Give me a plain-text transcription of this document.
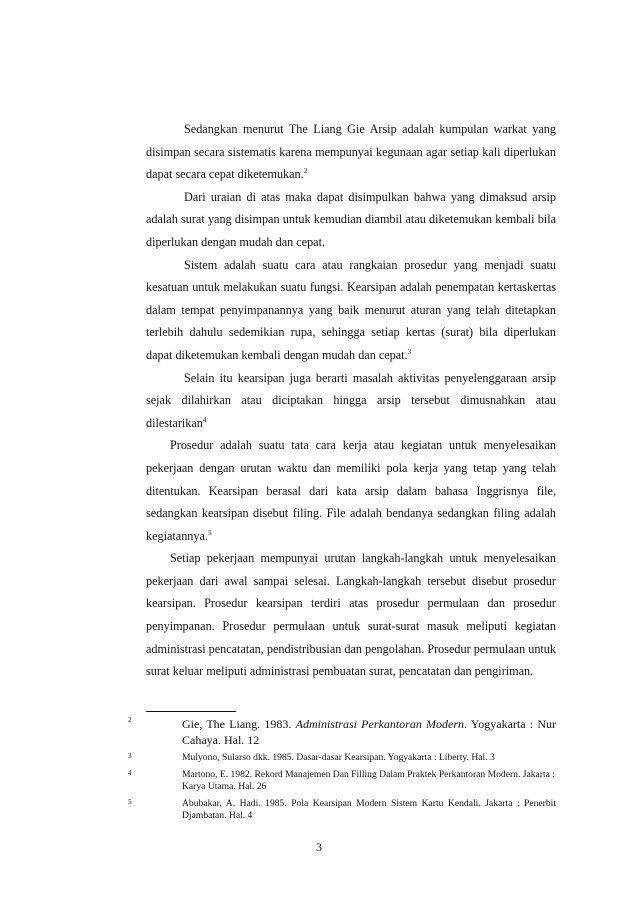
Sedangkan menurut The Liang Gie Arsip adalah kumpulan warkat yang disimpan secara sistematis karena mempunyai kegunaan agar setiap kali diperlukan dapat secara cepat diketemukan.$^2$

Dari uraian di atas maka dapat disimpulkan bahwa yang dimaksud arsip adalah surat yang disimpan untuk kemudian diambil atau diketemukan kembali bila diperlukan dengan mudah dan cepat.

Sistem adalah suatu cara atau rangkaian prosedur yang menjadi suatu kesatuan untuk melakukan suatu fungsi. Kearsipan adalah penempatan kertaskertas dalam tempat penyimpanannya yang baik menurut aturan yang telah ditetapkan terlebih dahulu sedemikian rupa, sehingga setiap kertas (surat) bila diperlukan dapat diketemukan kembali dengan mudah dan cepat.$^3$

Selain itu kearsipan juga berarti masalah aktivitas penyelenggaraan arsip sejak dilahirkan atau diciptakan hingga arsip tersebut dimusnahkan atau dilestarikan$^4$

Prosedur adalah suatu tata cara kerja atau kegiatan untuk menyelesaikan pekerjaan dengan urutan waktu dan memiliki pola kerja yang tetap yang telah ditentukan. Kearsipan berasal dari kata arsip dalam bahasa Inggrisnya file, sedangkan kearsipan disebut filing. File adalah bendanya sedangkan filing adalah kegiatannya.$^5$

Setiap pekerjaan mempunyai urutan langkah-langkah untuk menyelesaikan pekerjaan dari awal sampai selesai. Langkah-langkah tersebut disebut prosedur kearsipan. Prosedur kearsipan terdiri atas prosedur permulaan dan prosedur penyimpanan. Prosedur permulaan untuk surat-surat masuk meliputi kegiatan administrasi pencatatan, pendistribusian dan pengolahan. Prosedur permulaan untuk surat keluar meliputi administrasi pembuatan surat, pencatatan dan pengiriman.

2	Gie, The Liang. 1983. Administrasi Perkantoran Modern. Yogyakarta : Nur Cahaya. Hal. 12
3	Mulyono, Sularso dkk. 1985. Dasar-dasar Kearsipan. Yogyakarta : Liberty. Hal. 3
4	Martono, E. 1982. Rekord Manajemen Dan Filling Dalam Praktek Perkantoran Modern. Jakarta : Karya Utama. Hal. 26
5	Abubakar, A. Hadi. 1985. Pola Kearsipan Modern Sistem Kartu Kendali. Jakarta : Penerbit Djambatan. Hal. 4
3
